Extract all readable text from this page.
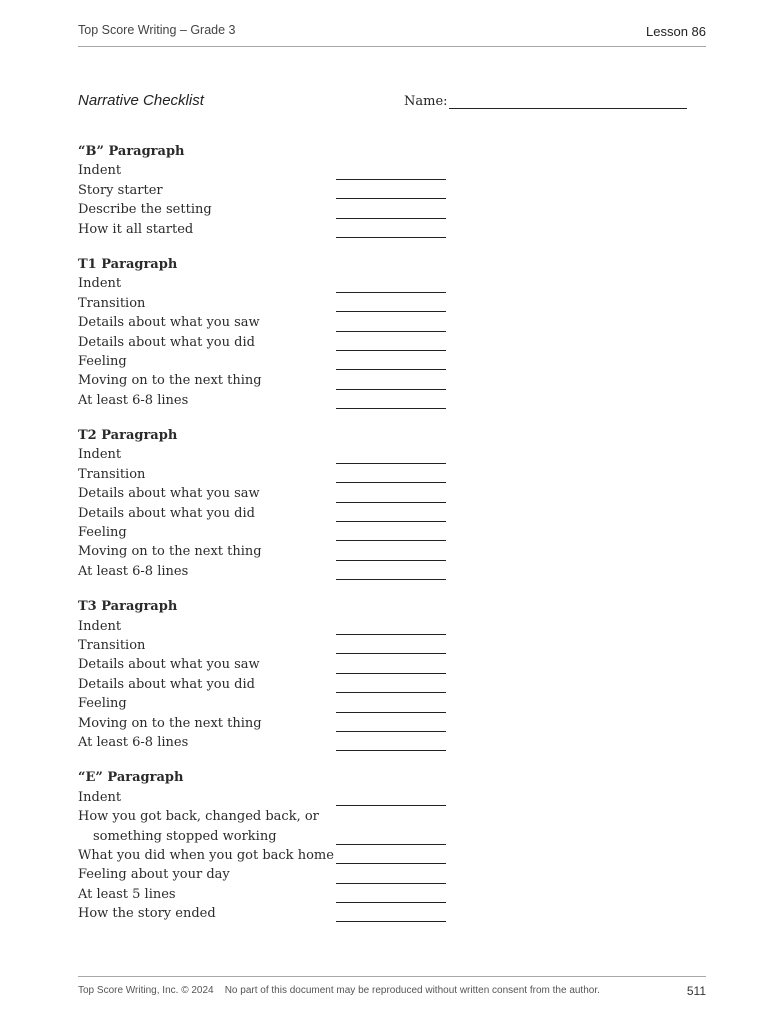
Top Score Writing – Grade 3	Lesson 86
Narrative Checklist	Name:
“B” Paragraph
Indent
Story starter
Describe the setting
How it all started
T1 Paragraph
Indent
Transition
Details about what you saw
Details about what you did
Feeling
Moving on to the next thing
At least 6-8 lines
T2 Paragraph
Indent
Transition
Details about what you saw
Details about what you did
Feeling
Moving on to the next thing
At least 6-8 lines
T3 Paragraph
Indent
Transition
Details about what you saw
Details about what you did
Feeling
Moving on to the next thing
At least 6-8 lines
“E” Paragraph
Indent
How you got back, changed back, or
something stopped working
What you did when you got back home
Feeling about your day
At least 5 lines
How the story ended
Top Score Writing, Inc. © 2024    No part of this document may be reproduced without written consent from the author.	511
